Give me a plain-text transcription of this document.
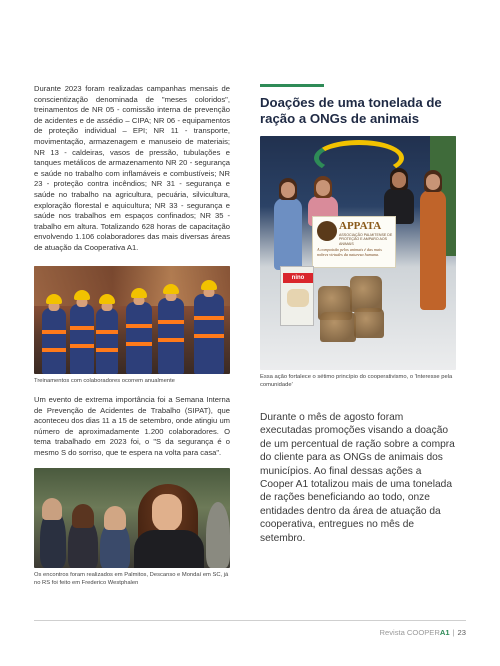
Durante 2023 foram realizadas campanhas mensais de conscientização denominada de "meses coloridos", treinamentos de NR 05 - comissão interna de prevenção de acidentes e de assédio – CIPA; NR 06 - equipamentos de proteção individual – EPI; NR 11 - transporte, movimentação, armazenagem e manuseio de materiais; NR 13 - caldeiras, vasos de pressão, tubulações e tanques metálicos de armazenamento NR 20 - segurança e saúde no trabalho com inflamáveis e combustíveis; NR 23 - proteção contra incêndios; NR 31 - segurança e saúde no trabalho na agricultura, pecuária, silvicultura, exploração florestal e aquicultura; NR 33 - segurança e saúde nos trabalhos em espaços confinados; NR 35 - trabalho em altura. Totalizando 628 horas de capacitação envolvendo 1.106 colaboradores das mais diversas áreas de atuação da Cooperativa A1.

Treinamentos com colaboradores ocorrem anualmente

Um evento de extrema importância foi a Semana Interna de Prevenção de Acidentes de Trabalho (SIPAT), que aconteceu dos dias 11 a 15 de setembro, onde atingiu um número de aproximadamente 1.200 colaboradores. O tema trabalhado em 2023 foi, o "S da segurança é o mesmo S do sorriso, que te espera na volta para casa".

Os encontros foram realizados em Palmitos, Descanso e Mondaí em SC, já no RS foi feito em Frederico Westphalen

Doações de uma tonelada de ração a ONGs de animais
APPATA
ASSOCIAÇÃO PALMITENSE DE PROTEÇÃO E AMPARO AOS ANIMAIS
A compaixão pelos animais é das mais nobres virtudes da natureza humana.
nino

Essa ação fortalece o sétimo princípio do cooperativismo, o 'Interesse pela comunidade'

Durante o mês de agosto foram executadas promoções visando a doação de um percentual de ração sobre a compra do cliente para as ONGs de animais dos municípios. Ao final dessas ações a Cooper A1 totalizou mais de uma tonelada de rações beneficiando ao todo, onze entidades dentro da área de atuação da cooperativa, entregues no mês de setembro.

Revista COOPERA1 | 23
